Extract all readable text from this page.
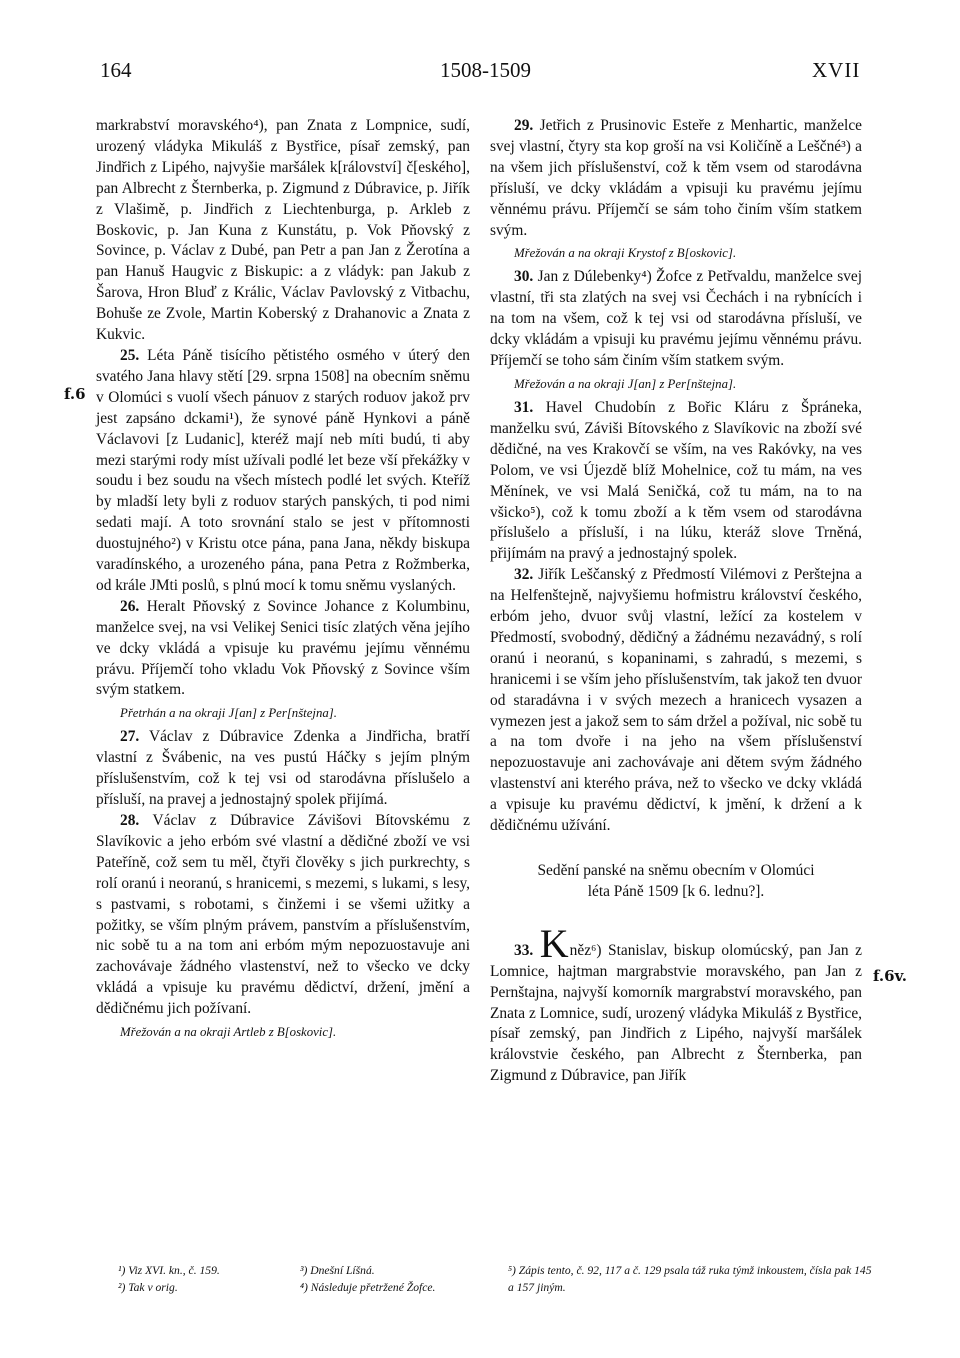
164	1508-1509	XVII
f.6
f.6v.

markrabství moravského⁴), pan Znata z Lompnice, sudí, urozený vládyka Mikuláš z Bystřice, písař zemský, pan Jindřich z Lipého, najvyšie maršálek k[rálovství] č[eského], pan Albrecht z Šternberka, p. Zigmund z Dúbravice, p. Jiřík z Vlašimě, p. Jindřich z Liechtenburga, p. Arkleb z Boskovic, p. Jan Kuna z Kunstátu, p. Vok Pňovský z Sovince, p. Václav z Dubé, pan Petr a pan Jan z Žerotína a pan Hanuš Haugvic z Biskupic: a z vládyk: pan Jakub z Šarova, Hron Bluď z Králic, Václav Pavlovský z Vitbachu, Bohuše ze Zvole, Martin Koberský z Drahanovic a Znata z Kukvic.

25. Léta Páně tisícího pětistého osmého v úterý den svatého Jana hlavy stětí [29. srpna 1508] na obecním sněmu v Olomúci s vuolí všech pánuov z starých roduov jakož prv jest zapsáno dckami¹), že synové páně Hynkovi a páně Václavovi [z Ludanic], kteréž mají neb míti budú, ti aby mezi starými rody míst užívali podlé let beze vší překážky v soudu i bez soudu na všech místech podlé let svých. Kteříž by mladší lety byli z roduov starých panských, ti pod nimi sedati mají. A toto srovnání stalo se jest v přítomnosti duostujného²) v Kristu otce pána, pana Jana, někdy biskupa varadínského, a urozeného pána, pana Petra z Rožmberka, od krále JMti poslů, s plnú mocí k tomu sněmu vyslaných.

26. Heralt Pňovský z Sovince Johance z Kolumbinu, manželce svej, na vsi Velikej Senici tisíc zlatých věna jejího ve dcky vkládá a vpisuje ku pravému jejímu věnnému právu. Příjemčí toho vkladu Vok Pňovský z Sovince vším svým statkem.

Přetrhán a na okraji J[an] z Per[nštejna].

27. Václav z Dúbravice Zdenka a Jindřicha, bratří vlastní z Švábenic, na ves pustú Háčky s jejím plným příslušenstvím, což k tej vsi od starodávna příslušelo a přísluší, na pravej a jednostajný spolek přijímá.

28. Václav z Dúbravice Závišovi Bítovskému z Slavíkovic a jeho erbóm své vlastní a dědičné zboží ve vsi Pateříně, což sem tu měl, čtyři člověky s jich purkrechty, s rolí oranú i neoranú, s hranicemi, s mezemi, s lukami, s lesy, s pastvami, s robotami, s činžemi i se všemi užitky a požitky, se vším plným právem, panstvím a příslušenstvím, nic sobě tu a na tom ani erbóm mým nepozuostavuje ani zachovávaje žádného vlastenství, než to všecko ve dcky vkládá a vpisuje ku pravému dědictví, držení, jmění a dědičnému jich požívaní.

Mřežován a na okraji Artleb z B[oskovic].

29. Jetřich z Prusinovic Esteře z Menhartic, manželce svej vlastní, čtyry sta kop groší na vsi Količíně a Leščné³) a na všem jich příslušenství, což k těm vsem od starodávna přísluší, ve dcky vkládám a vpisuji ku pravému jejímu věnnému právu. Příjemčí se sám toho činím vším statkem svým.

Mřežován a na okraji Krystof z B[oskovic].

30. Jan z Dúlebenky⁴) Žofce z Petřvaldu, manželce svej vlastní, tři sta zlatých na svej vsi Čechách i na rybnících i na tom na všem, což k tej vsi od starodávna přísluší, ve dcky vkládám a vpisuji ku pravému jejímu věnnému právu. Příjemčí se toho sám činím vším statkem svým.

Mřežován a na okraji J[an] z Per[nštejna].

31. Havel Chudobín z Bořic Kláru z Špráneka, manželku svú, Záviši Bítovského z Slavíkovic na zboží své dědičné, na ves Krakovčí se vším, na ves Rakóvky, na ves Polom, ve vsi Újezdě blíž Mohelnice, což tu mám, na ves Měnínek, ve vsi Malá Seničká, což tu mám, na to na všicko⁵), což k tomu zboží a k těm vsem od starodávna příslušelo a přísluší, i na lúku, kteráž slove Trněná, přijímám na pravý a jednostajný spolek.

32. Jiřík Leščanský z Předmostí Vilémovi z Perštejna a na Helfenštejně, najvyšiemu hofmistru království českého, erbóm jeho, dvuor svůj vlastní, ležící za kostelem v Předmostí, svobodný, dědičný a žádnému nezavádný, s rolí oranú i neoranú, s kopaninami, s zahradú, s mezemi, s hranicemi i se vším jeho příslušenstvím, tak jakož ten dvuor od staradávna i v svých mezech a hranicech vysazen a vymezen jest a jakož sem to sám držel a požíval, nic sobě tu a na tom dvoře i na jeho na všem příslušenství nepozuostavuje ani zachovávaje ani dětem svým žádného vlastenství ani kterého práva, než to všecko ve dcky vkládá a vpisuje ku pravému dědictví, k jmění, k držení a k dědičnému užívání.

Sedění panské na sněmu obecním v Olomúci
léta Páně 1509 [k 6. lednu?].

33. Kněz⁶) Stanislav, biskup olomúcský, pan Jan z Lomnice, hajtman margrabstvie moravského, pan Jan z Pernštajna, najvyší komorník margrabství moravského, pan Znata z Lomnice, sudí, urozený vládyka Mikuláš z Bystřice, písař zemský, pan Jindřich z Lipého, najvyší maršálek královstvie českého, pan Albrecht z Šternberka, pan Zigmund z Dúbravice, pan Jiřík

¹) Viz XVI. kn., č. 159.
²) Tak v orig.
³) Dnešní Líšná.
⁴) Následuje přetržené Žofce.
⁵) Zápis tento, č. 92, 117 a č. 129 psala táž ruka týmž inkoustem, čísla pak 145 a 157 jiným.
